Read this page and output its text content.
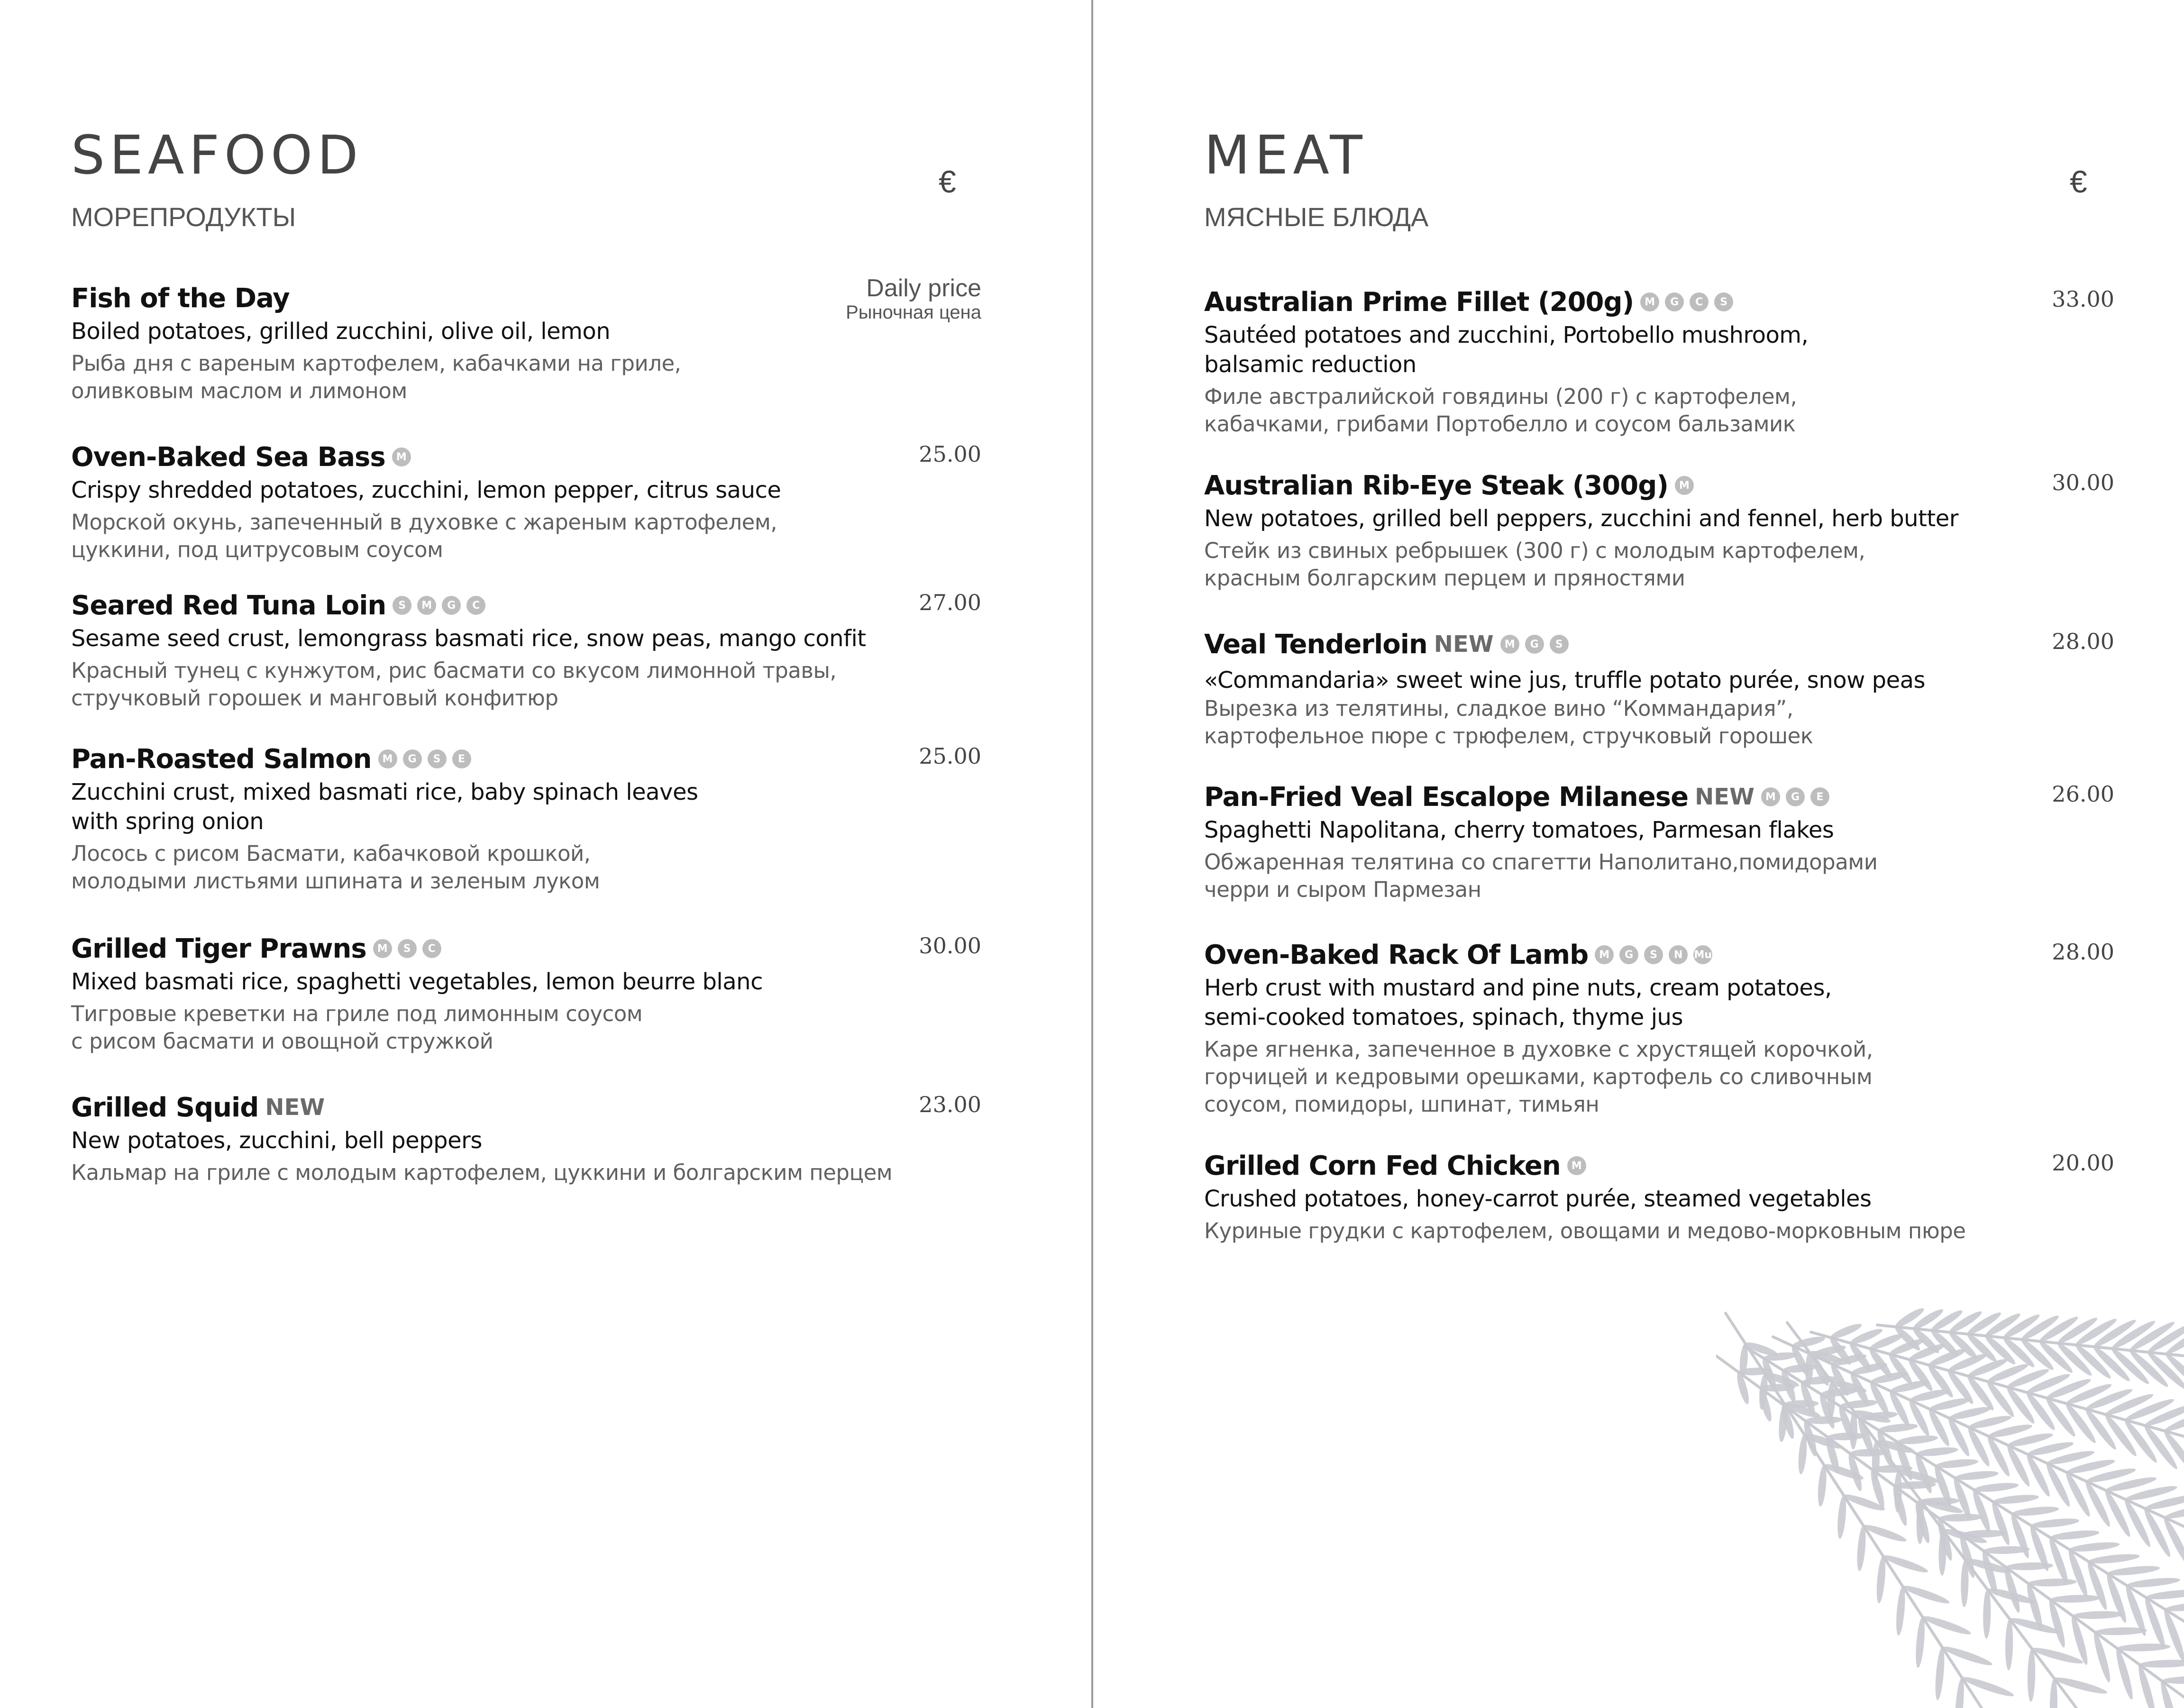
SEAFOOD
МОРЕПРОДУКТЫ
€
Fish of the Day	Daily price
Рыночная цена
Boiled potatoes, grilled zucchini, olive oil, lemon
Рыба дня с вареным картофелем, кабачками на гриле,
оливковым маслом и лимоном
Oven-Baked Sea Bass	M	25.00
Crispy shredded potatoes, zucchini, lemon pepper, citrus sauce
Морской окунь, запеченный в духовке с жареным картофелем,
цуккини, под цитрусовым соусом
Seared Red Tuna Loin	S	M	G	C	27.00
Sesame seed crust, lemongrass basmati rice, snow peas, mango confit
Красный тунец с кунжутом, рис басмати со вкусом лимонной травы,
стручковый горошек и манговый конфитюр
Pan-Roasted Salmon	M	G	S	E	25.00
Zucchini crust, mixed basmati rice, baby spinach leaves
with spring onion
Лосось с рисом Басмати, кабачковой крошкой,
молодыми листьями шпината и зеленым луком
Grilled Tiger Prawns	M	S	C	30.00
Mixed basmati rice, spaghetti vegetables, lemon beurre blanc
Тигровые креветки на гриле под лимонным соусом
с рисом басмати и овощной стружкой
Grilled Squid NEW	23.00
New potatoes, zucchini, bell peppers
Кальмар на гриле с молодым картофелем, цуккини и болгарским перцем
MEAT
МЯСНЫЕ БЛЮДА
€
Australian Prime Fillet (200g)	M	G	C	S	33.00
Sautéed potatoes and zucchini, Portobello mushroom,
balsamic reduction
Филе австралийской говядины (200 г) с картофелем,
кабачками, грибами Портобелло и соусом бальзамик
Australian Rib-Eye Steak (300g)	M	30.00
New potatoes, grilled bell peppers, zucchini and fennel, herb butter
Стейк из свиных ребрышек (300 г) с молодым картофелем,
красным болгарским перцем и пряностями
Veal Tenderloin NEW	M	G	S	28.00
«Commandaria» sweet wine jus, truffle potato purée, snow peas
Вырезка из телятины, сладкое вино “Коммандария”,
картофельное пюре с трюфелем, стручковый горошек
Pan-Fried Veal Escalope Milanese NEW	M	G	E	26.00
Spaghetti Napolitana, cherry tomatoes, Parmesan flakes
Обжаренная телятина со спагетти Наполитано,помидорами
черри и сыром Пармезан
Oven-Baked Rack Of Lamb	M	G	S	N	Mu	28.00
Herb crust with mustard and pine nuts, cream potatoes,
semi-cooked tomatoes, spinach, thyme jus
Каре ягненка, запеченное в духовке с хрустящей корочкой,
горчицей и кедровыми орешками, картофель со сливочным
соусом, помидоры, шпинат, тимьян
Grilled Corn Fed Chicken	M	20.00
Crushed potatoes, honey-carrot purée, steamed vegetables
Куриные грудки с картофелем, овощами и медово-морковным пюре
